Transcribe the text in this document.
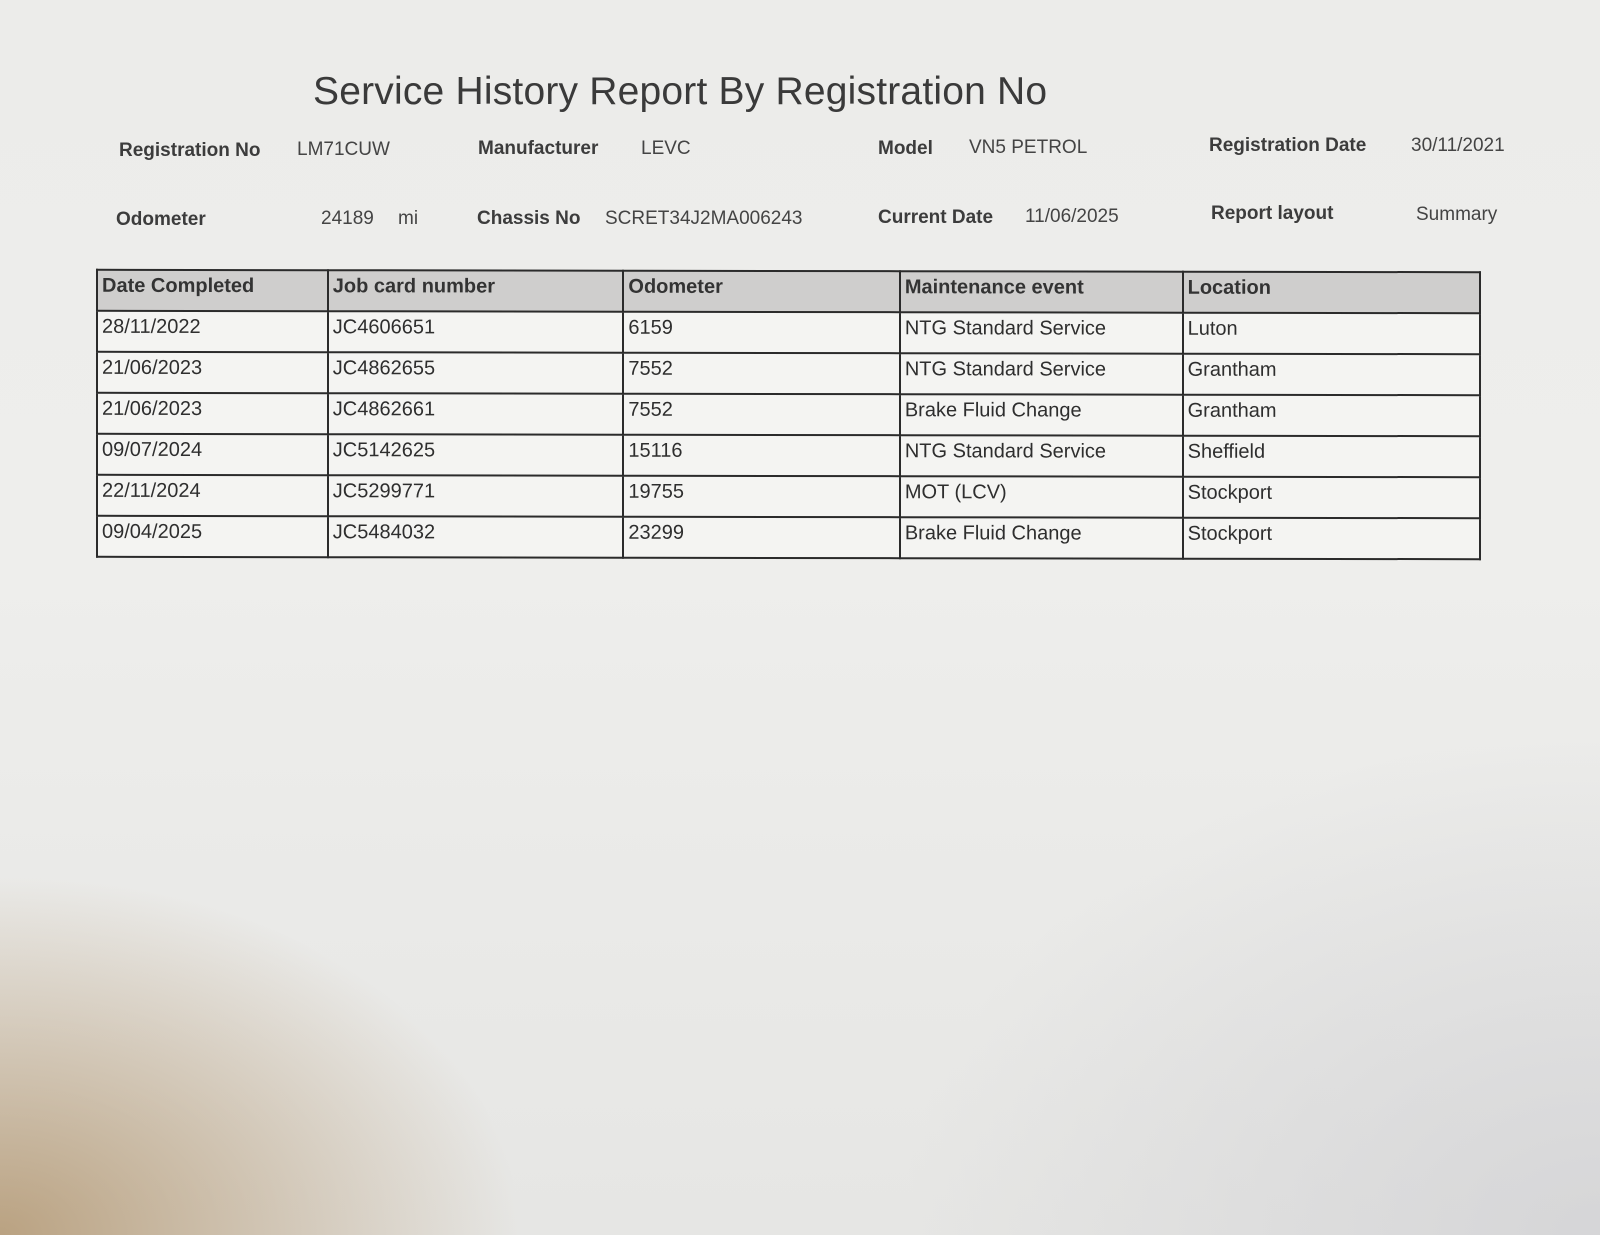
Service History Report By Registration No
Registration No LM71CUW	Manufacturer LEVC	Model VN5 PETROL	Registration Date 30/11/2021
Odometer	24189 mi	Chassis No SCRET34J2MA006243	Current Date 11/06/2025	Report layout	Summary
Date Completed	Job card number	Odometer	Maintenance event	Location
28/11/2022	JC4606651	6159	NTG Standard Service	Luton
21/06/2023	JC4862655	7552	NTG Standard Service	Grantham
21/06/2023	JC4862661	7552	Brake Fluid Change	Grantham
09/07/2024	JC5142625	15116	NTG Standard Service	Sheffield
22/11/2024	JC5299771	19755	MOT (LCV)	Stockport
09/04/2025	JC5484032	23299	Brake Fluid Change	Stockport
